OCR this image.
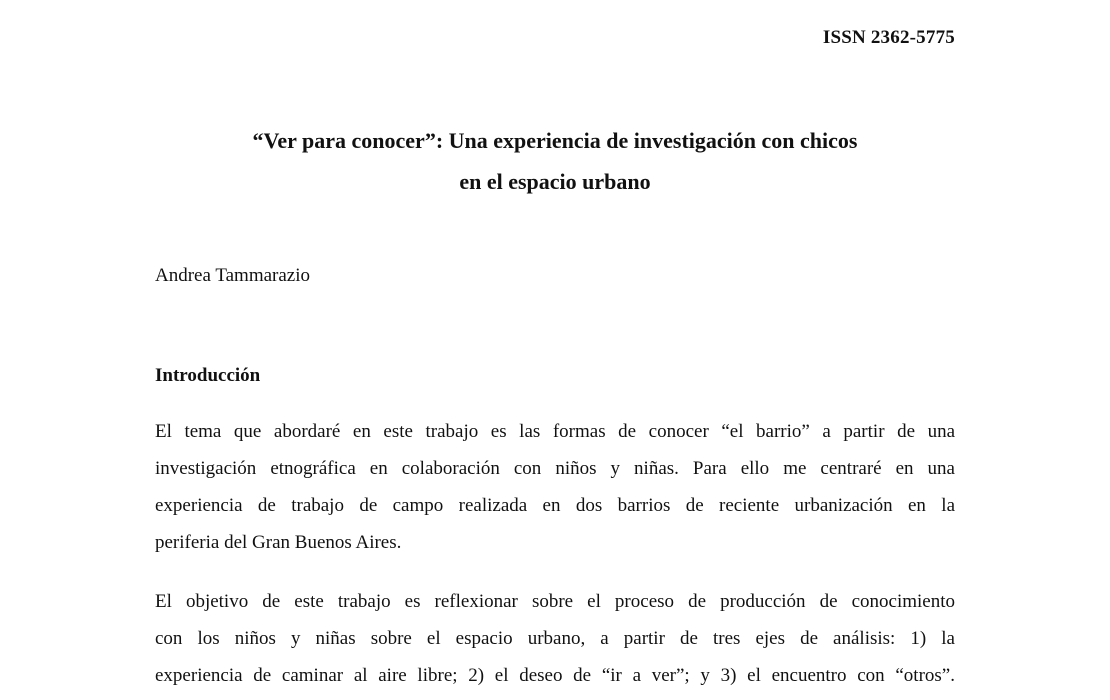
ISSN 2362-5775

“Ver para conocer”: Una experiencia de investigación con chicos
en el espacio urbano

Andrea Tammarazio

Introducción

El tema que abordaré en este trabajo es las formas de conocer “el barrio” a partir de una
investigación etnográfica en colaboración con niños y niñas. Para ello me centraré en una
experiencia de trabajo de campo realizada en dos barrios de reciente urbanización en la
periferia del Gran Buenos Aires.

El objetivo de este trabajo es reflexionar sobre el proceso de producción de conocimiento
con los niños y niñas sobre el espacio urbano, a partir de tres ejes de análisis: 1) la
experiencia de caminar al aire libre; 2) el deseo de “ir a ver”; y 3) el encuentro con “otros”.
